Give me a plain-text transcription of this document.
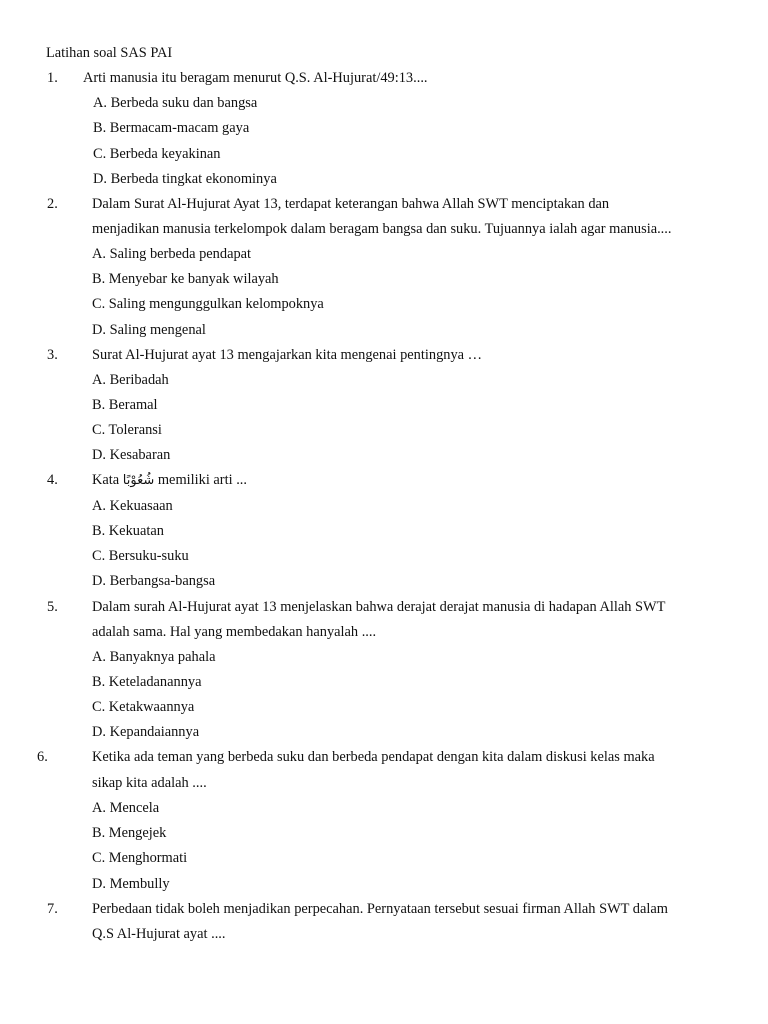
Latihan soal SAS PAI
1. Arti manusia itu beragam menurut Q.S. Al-Hujurat/49:13....
A. Berbeda suku dan bangsa
B. Bermacam-macam gaya
C. Berbeda keyakinan
D. Berbeda tingkat ekonominya
2. Dalam Surat Al-Hujurat Ayat 13, terdapat keterangan bahwa Allah SWT menciptakan dan
menjadikan manusia terkelompok dalam beragam bangsa dan suku. Tujuannya ialah agar manusia....
A. Saling berbeda pendapat
B. Menyebar ke banyak wilayah
C. Saling mengunggulkan kelompoknya
D. Saling mengenal
3. Surat Al-Hujurat ayat 13 mengajarkan kita mengenai pentingnya …
A. Beribadah
B. Beramal
C. Toleransi
D. Kesabaran
4. Kata شُعُوْبًا memiliki arti ...
A. Kekuasaan
B. Kekuatan
C. Bersuku-suku
D. Berbangsa-bangsa
5. Dalam surah Al-Hujurat ayat 13 menjelaskan bahwa derajat derajat manusia di hadapan Allah SWT
adalah sama. Hal yang membedakan hanyalah ....
A. Banyaknya pahala
B. Keteladanannya
C. Ketakwaannya
D. Kepandaiannya
6.	Ketika ada teman yang berbeda suku dan berbeda pendapat dengan kita dalam diskusi kelas maka
sikap kita adalah ....
A. Mencela
B. Mengejek
C. Menghormati
D. Membully
7. Perbedaan tidak boleh menjadikan perpecahan. Pernyataan tersebut sesuai firman Allah SWT dalam
Q.S Al-Hujurat ayat ....
